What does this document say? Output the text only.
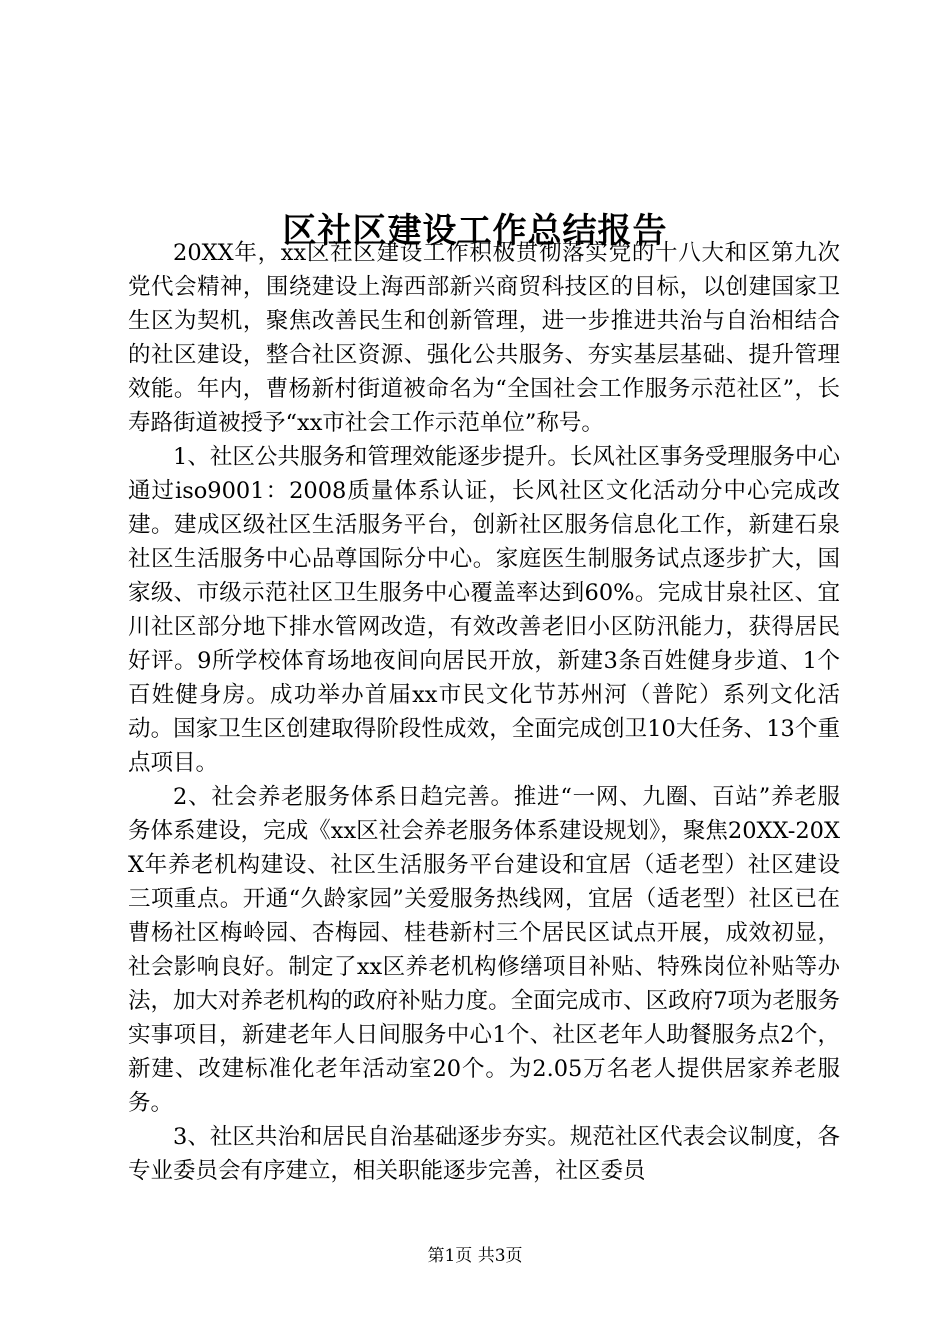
区社区建设工作总结报告

20XX年，xx区社区建设工作积极贯彻落实党的十八大和区第九次党代会精神，围绕建设上海西部新兴商贸科技区的目标，以创建国家卫生区为契机，聚焦改善民生和创新管理，进一步推进共治与自治相结合的社区建设，整合社区资源、强化公共服务、夯实基层基础、提升管理效能。年内，曹杨新村街道被命名为“全国社会工作服务示范社区”，长寿路街道被授予“xx市社会工作示范单位”称号。

1、社区公共服务和管理效能逐步提升。长风社区事务受理服务中心通过iso9001：2008质量体系认证，长风社区文化活动分中心完成改建。建成区级社区生活服务平台，创新社区服务信息化工作，新建石泉社区生活服务中心品尊国际分中心。家庭医生制服务试点逐步扩大，国家级、市级示范社区卫生服务中心覆盖率达到60%。完成甘泉社区、宜川社区部分地下排水管网改造，有效改善老旧小区防汛能力，获得居民好评。9所学校体育场地夜间向居民开放，新建3条百姓健身步道、1个百姓健身房。成功举办首届xx市民文化节苏州河（普陀）系列文化活动。国家卫生区创建取得阶段性成效，全面完成创卫10大任务、13个重点项目。

2、社会养老服务体系日趋完善。推进“一网、九圈、百站”养老服务体系建设，完成《xx区社会养老服务体系建设规划》，聚焦20XX-20XX年养老机构建设、社区生活服务平台建设和宜居（适老型）社区建设三项重点。开通“久龄家园”关爱服务热线网，宜居（适老型）社区已在曹杨社区梅岭园、杏梅园、桂巷新村三个居民区试点开展，成效初显，社会影响良好。制定了xx区养老机构修缮项目补贴、特殊岗位补贴等办法，加大对养老机构的政府补贴力度。全面完成市、区政府7项为老服务实事项目，新建老年人日间服务中心1个、社区老年人助餐服务点2个，新建、改建标准化老年活动室20个。为2.05万名老人提供居家养老服务。

3、社区共治和居民自治基础逐步夯实。规范社区代表会议制度，各专业委员会有序建立，相关职能逐步完善，社区委员

第1页 共3页
